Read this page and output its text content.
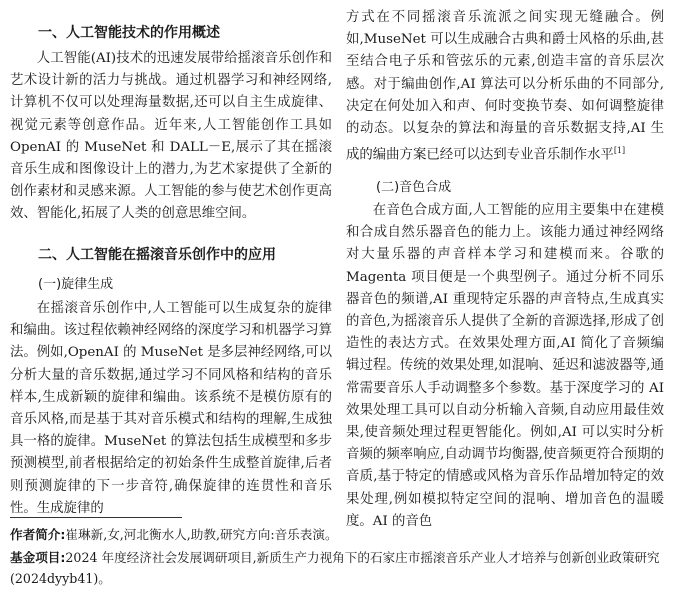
一、人工智能技术的作用概述

人工智能(AI)技术的迅速发展带给摇滚音乐创作和艺术设计新的活力与挑战。通过机器学习和神经网络,计算机不仅可以处理海量数据,还可以自主生成旋律、视觉元素等创意作品。近年来,人工智能创作工具如 OpenAI 的 MuseNet 和 DALL－E,展示了其在摇滚音乐生成和图像设计上的潜力,为艺术家提供了全新的创作素材和灵感来源。人工智能的参与使艺术创作更高效、智能化,拓展了人类的创意思维空间。

二、人工智能在摇滚音乐创作中的应用
(一)旋律生成

在摇滚音乐创作中,人工智能可以生成复杂的旋律和编曲。该过程依赖神经网络的深度学习和机器学习算法。例如,OpenAI 的 MuseNet 是多层神经网络,可以分析大量的音乐数据,通过学习不同风格和结构的音乐样本,生成新颖的旋律和编曲。该系统不是模仿原有的音乐风格,而是基于其对音乐模式和结构的理解,生成独具一格的旋律。MuseNet 的算法包括生成模型和多步预测模型,前者根据给定的初始条件生成整首旋律,后者则预测旋律的下一步音符,确保旋律的连贯性和音乐性。生成旋律的

方式在不同摇滚音乐流派之间实现无缝融合。例如,MuseNet 可以生成融合古典和爵士风格的乐曲,甚至结合电子乐和管弦乐的元素,创造丰富的音乐层次感。对于编曲创作,AI 算法可以分析乐曲的不同部分,决定在何处加入和声、何时变换节奏、如何调整旋律的动态。以复杂的算法和海量的音乐数据支持,AI 生成的编曲方案已经可以达到专业音乐制作水平[1]

(二)音色合成

在音色合成方面,人工智能的应用主要集中在建模和合成自然乐器音色的能力上。该能力通过神经网络对大量乐器的声音样本学习和建模而来。谷歌的 Magenta 项目便是一个典型例子。通过分析不同乐器音色的频谱,AI 重现特定乐器的声音特点,生成真实的音色,为摇滚音乐人提供了全新的音源选择,形成了创造性的表达方式。在效果处理方面,AI 简化了音频编辑过程。传统的效果处理,如混响、延迟和滤波器等,通常需要音乐人手动调整多个参数。基于深度学习的 AI 效果处理工具可以自动分析输入音频,自动应用最佳效果,使音频处理过程更智能化。例如,AI 可以实时分析音频的频率响应,自动调节均衡器,使音频更符合预期的音质,基于特定的情感或风格为音乐作品增加特定的效果处理,例如模拟特定空间的混响、增加音色的温暖度。AI 的音色

作者简介:崔琳新,女,河北衡水人,助教,研究方向:音乐表演。

基金项目:2024 年度经济社会发展调研项目,新质生产力视角下的石家庄市摇滚音乐产业人才培养与创新创业政策研究(2024dyyb41)。
